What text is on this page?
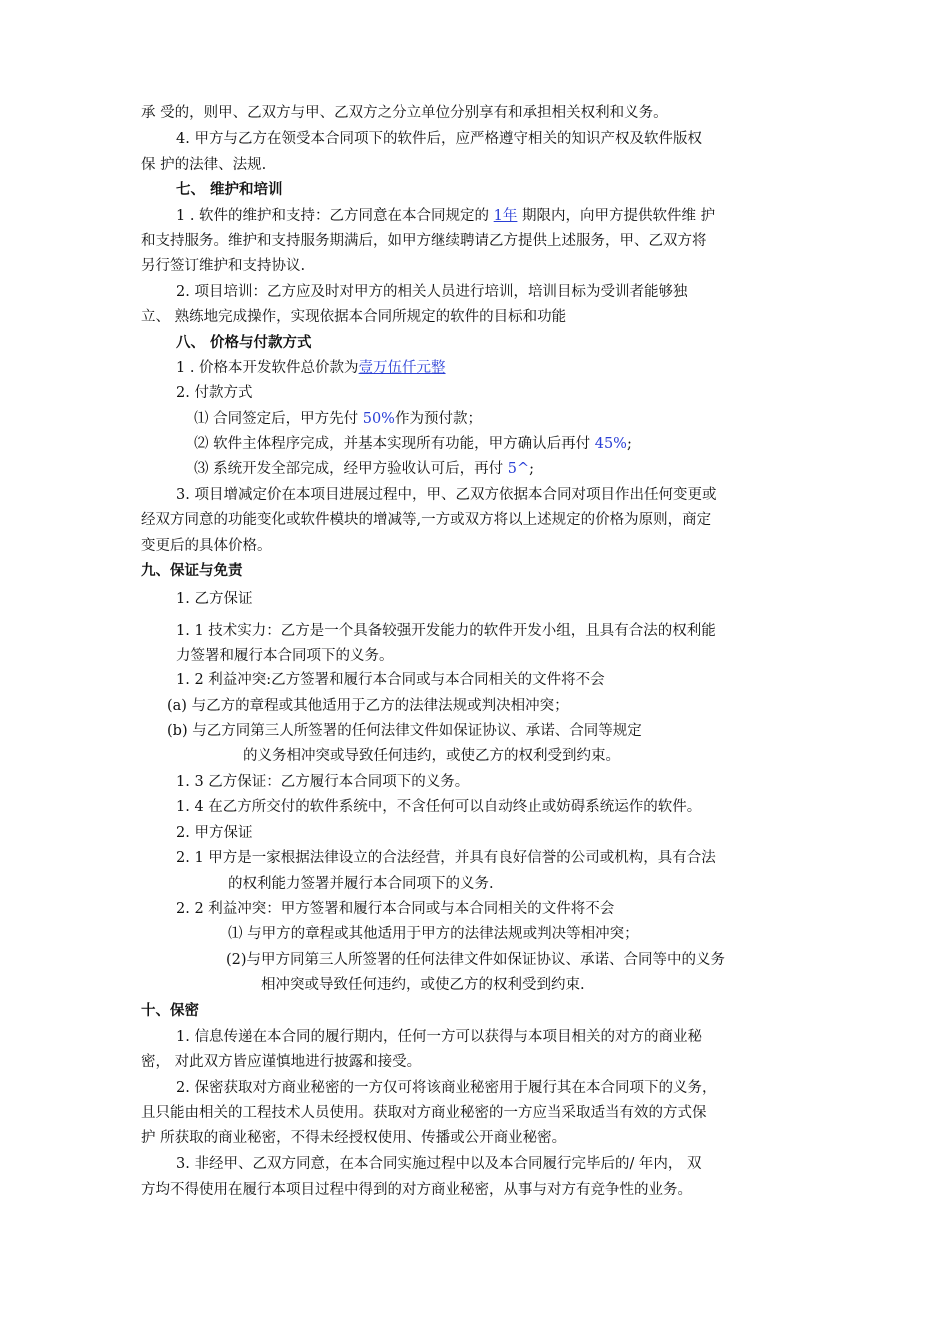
承 受的，则甲、乙双方与甲、乙双方之分立单位分别享有和承担相关权利和义务。
4. 甲方与乙方在领受本合同项下的软件后，应严格遵守相关的知识产权及软件版权
保 护的法律、法规.
七、 维护和培训
1 . 软件的维护和支持：乙方同意在本合同规定的 1年 期限内，向甲方提供软件维 护
和支持服务。维护和支持服务期满后，如甲方继续聘请乙方提供上述服务，甲、乙双方将
另行签订维护和支持协议.
2. 项目培训：乙方应及时对甲方的相关人员进行培训，培训目标为受训者能够独
立、 熟练地完成操作，实现依据本合同所规定的软件的目标和功能
八、 价格与付款方式
1 . 价格本开发软件总价款为壹万伍仟元整
2. 付款方式
⑴ 合同签定后，甲方先付 50%作为预付款；
⑵ 软件主体程序完成，并基本实现所有功能，甲方确认后再付 45%;
⑶ 系统开发全部完成，经甲方验收认可后，再付 5^;
3. 项目增减定价在本项目进展过程中，甲、乙双方依据本合同对项目作出任何变更或
经双方同意的功能变化或软件模块的增减等,一方或双方将以上述规定的价格为原则，商定
变更后的具体价格。
九、保证与免责
1. 乙方保证
1. 1 技术实力：乙方是一个具备较强开发能力的软件开发小组，且具有合法的权利能
力签署和履行本合同项下的义务。
1. 2 利益冲突:乙方签署和履行本合同或与本合同相关的文件将不会
(a) 与乙方的章程或其他适用于乙方的法律法规或判决相冲突；
(b) 与乙方同第三人所签署的任何法律文件如保证协议、承诺、合同等规定
的义务相冲突或导致任何违约，或使乙方的权利受到约束。
1. 3 乙方保证：乙方履行本合同项下的义务。
1. 4 在乙方所交付的软件系统中，不含任何可以自动终止或妨碍系统运作的软件。
2. 甲方保证
2. 1 甲方是一家根据法律设立的合法经营，并具有良好信誉的公司或机构，具有合法
的权利能力签署并履行本合同项下的义务.
2. 2 利益冲突：甲方签署和履行本合同或与本合同相关的文件将不会
⑴ 与甲方的章程或其他适用于甲方的法律法规或判决等相冲突；
(2)与甲方同第三人所签署的任何法律文件如保证协议、承诺、合同等中的义务
相冲突或导致任何违约，或使乙方的权利受到约束.
十、保密
1. 信息传递在本合同的履行期内，任何一方可以获得与本项目相关的对方的商业秘
密， 对此双方皆应谨慎地进行披露和接受。
2. 保密获取对方商业秘密的一方仅可将该商业秘密用于履行其在本合同项下的义务，
且只能由相关的工程技术人员使用。获取对方商业秘密的一方应当采取适当有效的方式保
护 所获取的商业秘密，不得未经授权使用、传播或公开商业秘密。
3. 非经甲、乙双方同意，在本合同实施过程中以及本合同履行完毕后的/ 年内， 双
方均不得使用在履行本项目过程中得到的对方商业秘密，从事与对方有竞争性的业务。
